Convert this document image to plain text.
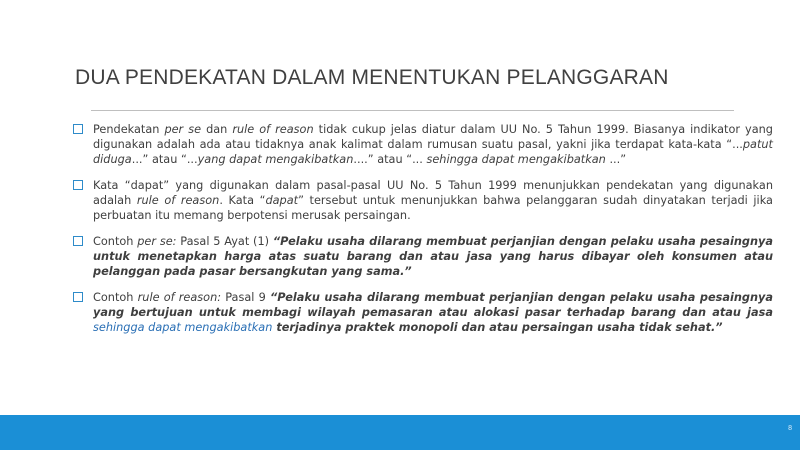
DUA PENDEKATAN DALAM MENENTUKAN PELANGGARAN
Pendekatan per se dan rule of reason tidak cukup jelas diatur dalam UU No. 5 Tahun 1999. Biasanya indikator yang digunakan adalah ada atau tidaknya anak kalimat dalam rumusan suatu pasal, yakni jika terdapat kata-kata “...patut diduga...” atau “...yang dapat mengakibatkan....” atau “... sehingga dapat mengakibatkan ...”
Kata “dapat” yang digunakan dalam pasal-pasal UU No. 5 Tahun 1999 menunjukkan pendekatan yang digunakan adalah rule of reason. Kata “dapat” tersebut untuk menunjukkan bahwa pelanggaran sudah dinyatakan terjadi jika perbuatan itu memang berpotensi merusak persaingan.
Contoh per se: Pasal 5 Ayat (1) “Pelaku usaha dilarang membuat perjanjian dengan pelaku usaha pesaingnya untuk menetapkan harga atas suatu barang dan atau jasa yang harus dibayar oleh konsumen atau pelanggan pada pasar bersangkutan yang sama.”
Contoh rule of reason: Pasal 9 “Pelaku usaha dilarang membuat perjanjian dengan pelaku usaha pesaingnya yang bertujuan untuk membagi wilayah pemasaran atau alokasi pasar terhadap barang dan atau jasa sehingga dapat mengakibatkan terjadinya praktek monopoli dan atau persaingan usaha tidak sehat.”
8
